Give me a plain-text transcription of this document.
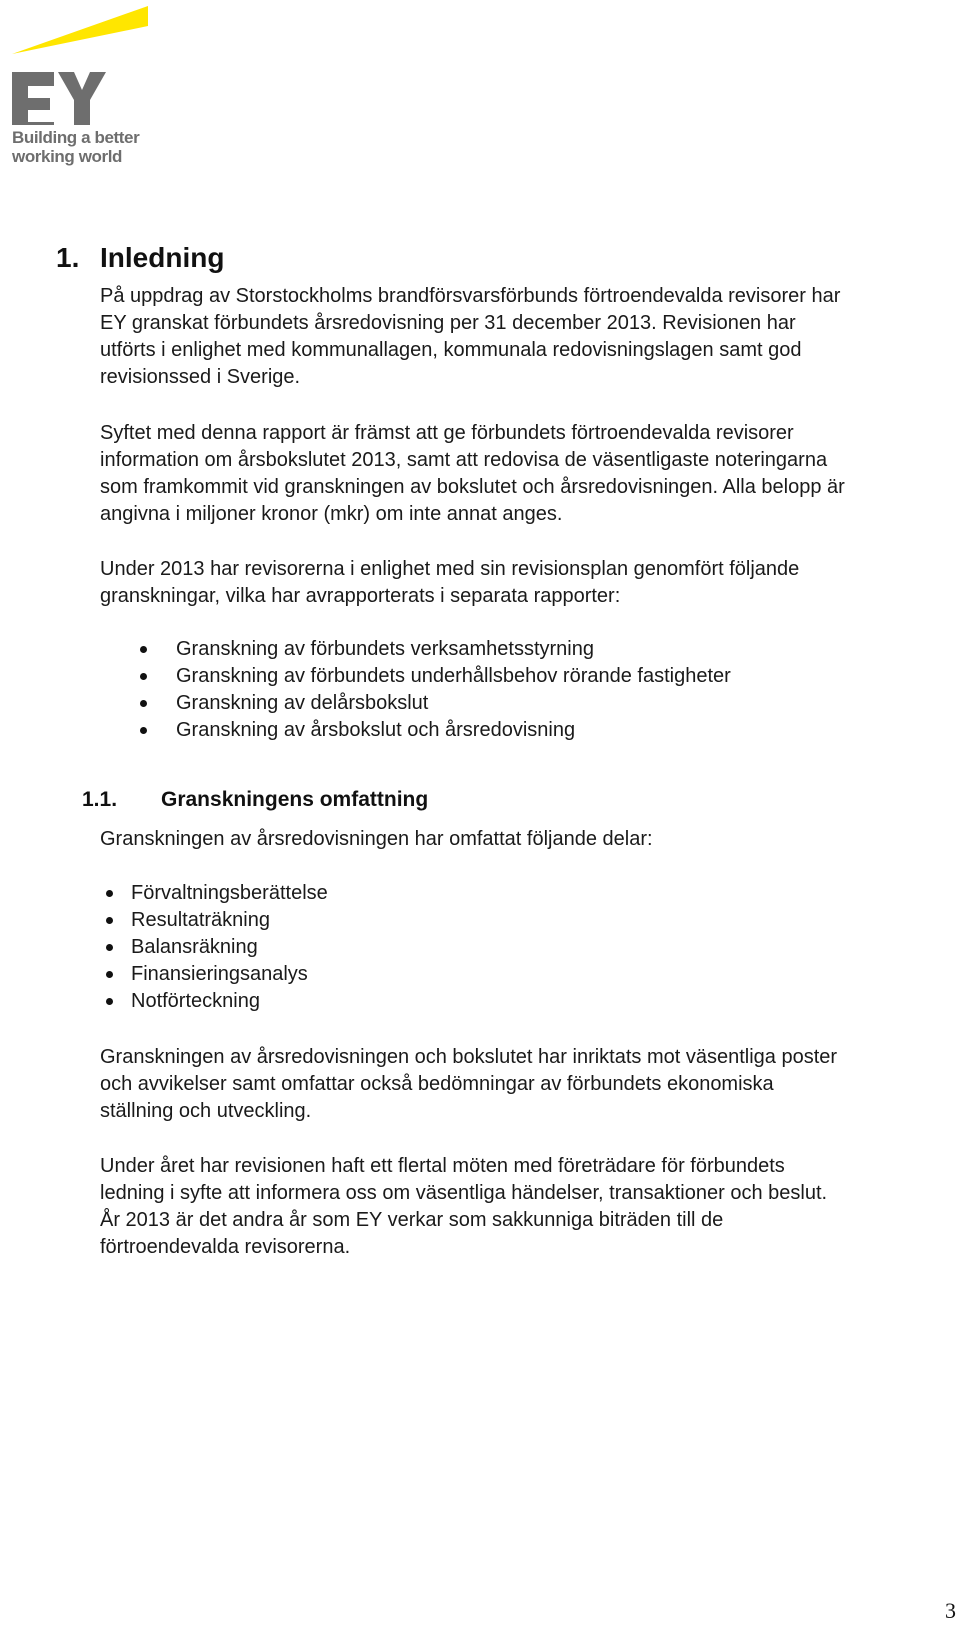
Building a better
working world
1. Inledning

På uppdrag av Storstockholms brandförsvarsförbunds förtroendevalda revisorer har
EY granskat förbundets årsredovisning per 31 december 2013. Revisionen har
utförts i enlighet med kommunallagen, kommunala redovisningslagen samt god
revisionssed i Sverige.

Syftet med denna rapport är främst att ge förbundets förtroendevalda revisorer
information om årsbokslutet 2013, samt att redovisa de väsentligaste noteringarna
som framkommit vid granskningen av bokslutet och årsredovisningen. Alla belopp är
angivna i miljoner kronor (mkr) om inte annat anges.

Under 2013 har revisorerna i enlighet med sin revisionsplan genomfört följande
granskningar, vilka har avrapporterats i separata rapporter:

Granskning av förbundets verksamhetsstyrning
Granskning av förbundets underhållsbehov rörande fastigheter
Granskning av delårsbokslut
Granskning av årsbokslut och årsredovisning
1.1. Granskningens omfattning

Granskningen av årsredovisningen har omfattat följande delar:

Förvaltningsberättelse
Resultaträkning
Balansräkning
Finansieringsanalys
Notförteckning

Granskningen av årsredovisningen och bokslutet har inriktats mot väsentliga poster
och avvikelser samt omfattar också bedömningar av förbundets ekonomiska
ställning och utveckling.

Under året har revisionen haft ett flertal möten med företrädare för förbundets
ledning i syfte att informera oss om väsentliga händelser, transaktioner och beslut.
År 2013 är det andra år som EY verkar som sakkunniga biträden till de
förtroendevalda revisorerna.

3
